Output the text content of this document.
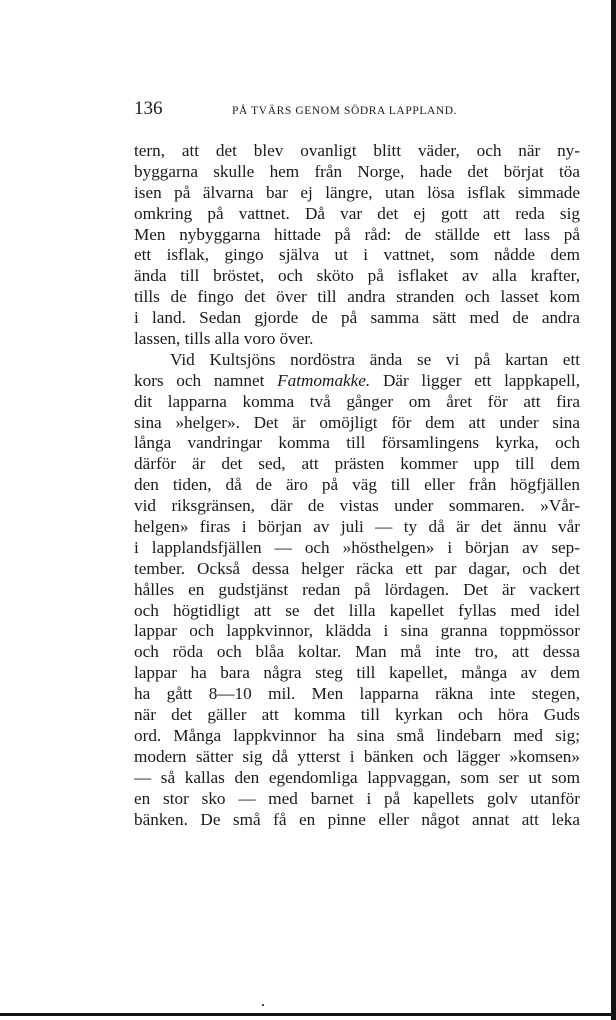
136	PÅ TVÄRS GENOM SÖDRA LAPPLAND.
tern, att det blev ovanligt blitt väder, och när ny-
byggarna skulle hem från Norge, hade det börjat töa
isen på älvarna bar ej längre, utan lösa isflak simmade
omkring på vattnet. Då var det ej gott att reda sig
Men nybyggarna hittade på råd: de ställde ett lass på
ett isflak, gingo själva ut i vattnet, som nådde dem
ända till bröstet, och sköto på isflaket av alla krafter,
tills de fingo det över till andra stranden och lasset kom
i land. Sedan gjorde de på samma sätt med de andra
lassen, tills alla voro över.
Vid Kultsjöns nordöstra ända se vi på kartan ett
kors och namnet Fatmomakke. Där ligger ett lappkapell,
dit lapparna komma två gånger om året för att fira
sina »helger». Det är omöjligt för dem att under sina
långa vandringar komma till församlingens kyrka, och
därför är det sed, att prästen kommer upp till dem
den tiden, då de äro på väg till eller från högfjällen
vid riksgränsen, där de vistas under sommaren. »Vår-
helgen» firas i början av juli — ty då är det ännu vår
i lapplandsfjällen — och »hösthelgen» i början av sep-
tember. Också dessa helger räcka ett par dagar, och det
hålles en gudstjänst redan på lördagen. Det är vackert
och högtidligt att se det lilla kapellet fyllas med idel
lappar och lappkvinnor, klädda i sina granna toppmössor
och röda och blåa koltar. Man må inte tro, att dessa
lappar ha bara några steg till kapellet, många av dem
ha gått 8—10 mil. Men lapparna räkna inte stegen,
när det gäller att komma till kyrkan och höra Guds
ord. Många lappkvinnor ha sina små lindebarn med sig;
modern sätter sig då ytterst i bänken och lägger »komsen»
— så kallas den egendomliga lappvaggan, som ser ut som
en stor sko — med barnet i på kapellets golv utanför
bänken. De små få en pinne eller något annat att leka
